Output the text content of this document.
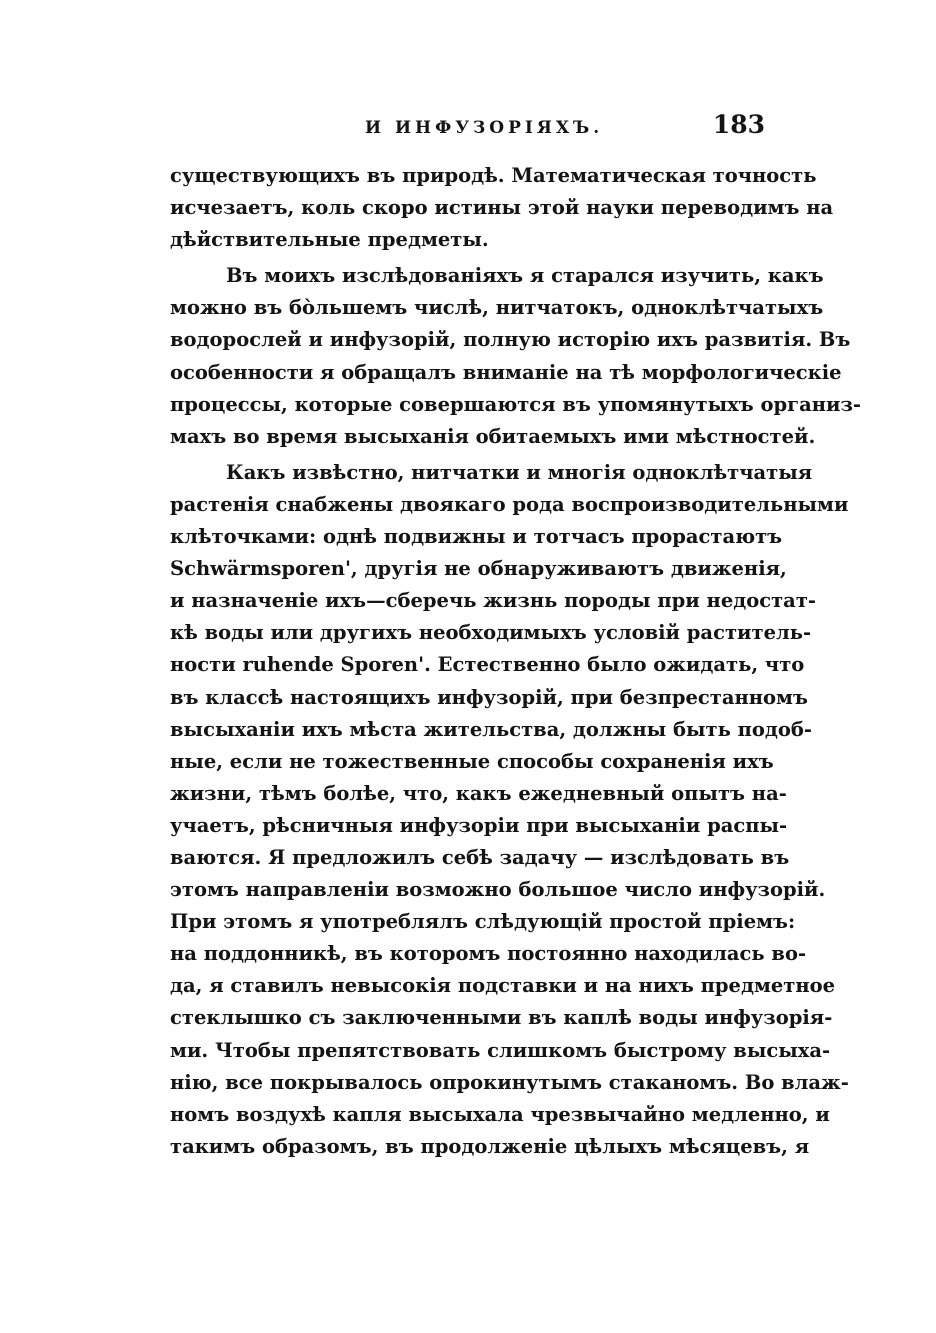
И ИНФУЗОРІЯХЪ.	183
существующихъ въ природѣ. Математическая точность
исчезаетъ, коль скоро истины этой науки переводимъ на
дѣйствительные предметы.
Въ моихъ изслѣдованіяхъ я старался изучить, какъ
можно въ бо̀льшемъ числѣ, нитчатокъ, одноклѣтчатыхъ
водорослей и инфузорій, полную исторію ихъ развитія. Въ
особенности я обращалъ вниманіе на тѣ морфологическіе
процессы, которые совершаются въ упомянутыхъ организ-
махъ во время высыханія обитаемыхъ ими мѣстностей.
Какъ извѣстно, нитчатки и многія одноклѣтчатыя
растенія снабжены двоякаго рода воспроизводительными
клѣточками: однѣ подвижны и тотчасъ прорастаютъ
Schwärmsporen', другія не обнаруживаютъ движенія,
и назначеніе ихъ—сберечь жизнь породы при недостат-
кѣ воды или другихъ необходимыхъ условій раститель-
ности ruhende Sporen'. Естественно было ожидать, что
въ классѣ настоящихъ инфузорій, при безпрестанномъ
высыханіи ихъ мѣста жительства, должны быть подоб-
ные, если не тожественные способы сохраненія ихъ
жизни, тѣмъ болѣе, что, какъ ежедневный опытъ на-
учаетъ, рѣсничныя инфузоріи при высыханіи распы-
ваются. Я предложилъ себѣ задачу — изслѣдовать въ
этомъ направленіи возможно большое число инфузорій.
При этомъ я употреблялъ слѣдующій простой пріемъ:
на поддонникѣ, въ которомъ постоянно находилась во-
да, я ставилъ невысокія подставки и на нихъ предметное
стеклышко съ заключенными въ каплѣ воды инфузорія-
ми. Чтобы препятствовать слишкомъ быстрому высыха-
нію, все покрывалось опрокинутымъ стаканомъ. Во влаж-
номъ воздухѣ капля высыхала чрезвычайно медленно, и
такимъ образомъ, въ продолженіе цѣлыхъ мѣсяцевъ, я
